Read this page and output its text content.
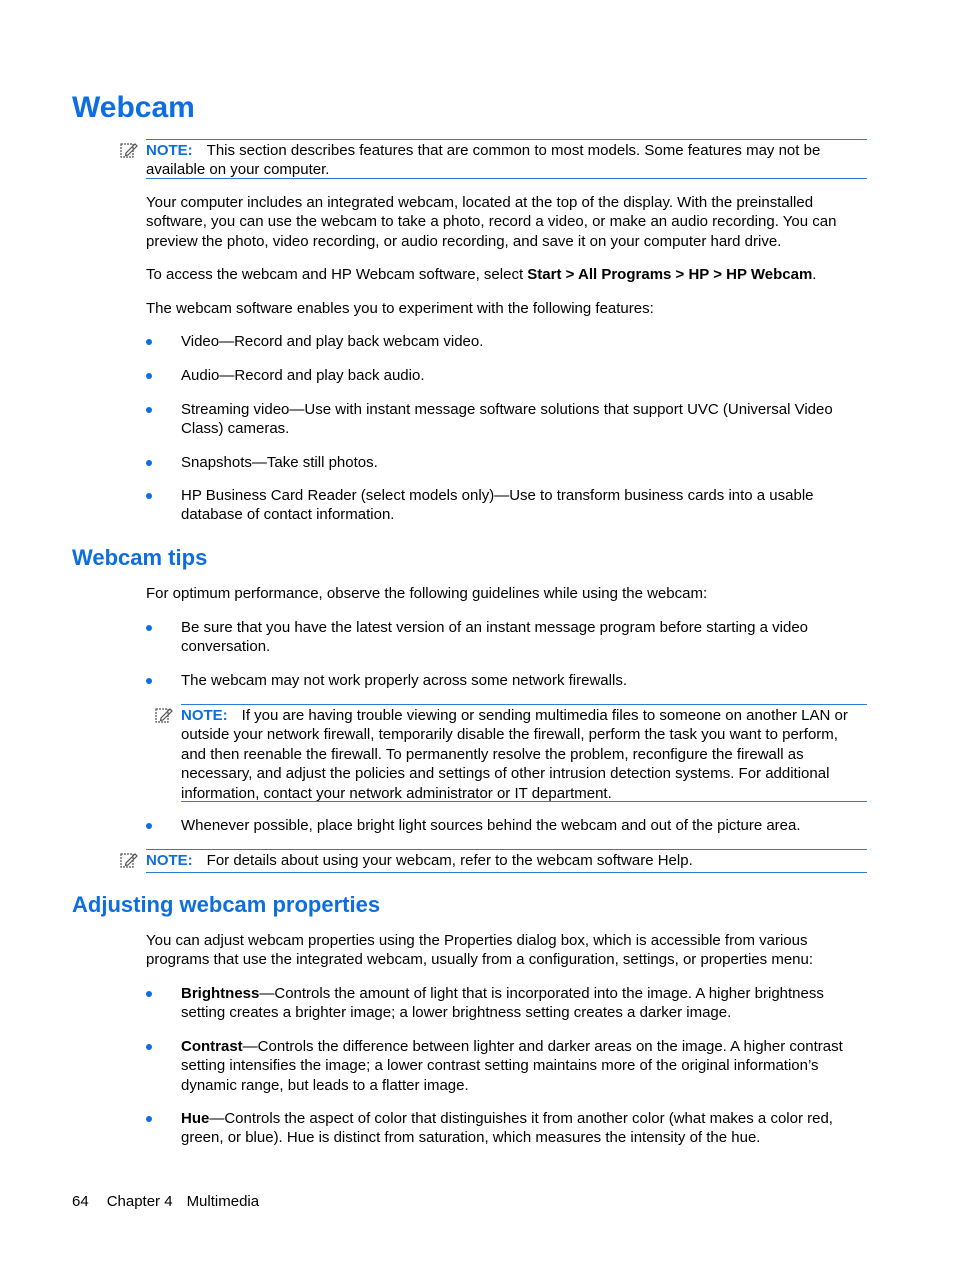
Webcam
NOTE: This section describes features that are common to most models. Some features may not be available on your computer.

Your computer includes an integrated webcam, located at the top of the display. With the preinstalled software, you can use the webcam to take a photo, record a video, or make an audio recording. You can preview the photo, video recording, or audio recording, and save it on your computer hard drive.

To access the webcam and HP Webcam software, select Start > All Programs > HP > HP Webcam.

The webcam software enables you to experiment with the following features:

Video—Record and play back webcam video.
Audio—Record and play back audio.
Streaming video—Use with instant message software solutions that support UVC (Universal Video Class) cameras.
Snapshots—Take still photos.
HP Business Card Reader (select models only)—Use to transform business cards into a usable database of contact information.
Webcam tips

For optimum performance, observe the following guidelines while using the webcam:

Be sure that you have the latest version of an instant message program before starting a video conversation.
The webcam may not work properly across some network firewalls.
NOTE: If you are having trouble viewing or sending multimedia files to someone on another LAN or outside your network firewall, temporarily disable the firewall, perform the task you want to perform, and then reenable the firewall. To permanently resolve the problem, reconfigure the firewall as necessary, and adjust the policies and settings of other intrusion detection systems. For additional information, contact your network administrator or IT department.
Whenever possible, place bright light sources behind the webcam and out of the picture area.
NOTE: For details about using your webcam, refer to the webcam software Help.
Adjusting webcam properties

You can adjust webcam properties using the Properties dialog box, which is accessible from various programs that use the integrated webcam, usually from a configuration, settings, or properties menu:

Brightness—Controls the amount of light that is incorporated into the image. A higher brightness setting creates a brighter image; a lower brightness setting creates a darker image.
Contrast—Controls the difference between lighter and darker areas on the image. A higher contrast setting intensifies the image; a lower contrast setting maintains more of the original information’s dynamic range, but leads to a flatter image.
Hue—Controls the aspect of color that distinguishes it from another color (what makes a color red, green, or blue). Hue is distinct from saturation, which measures the intensity of the hue.
64 Chapter 4 Multimedia
